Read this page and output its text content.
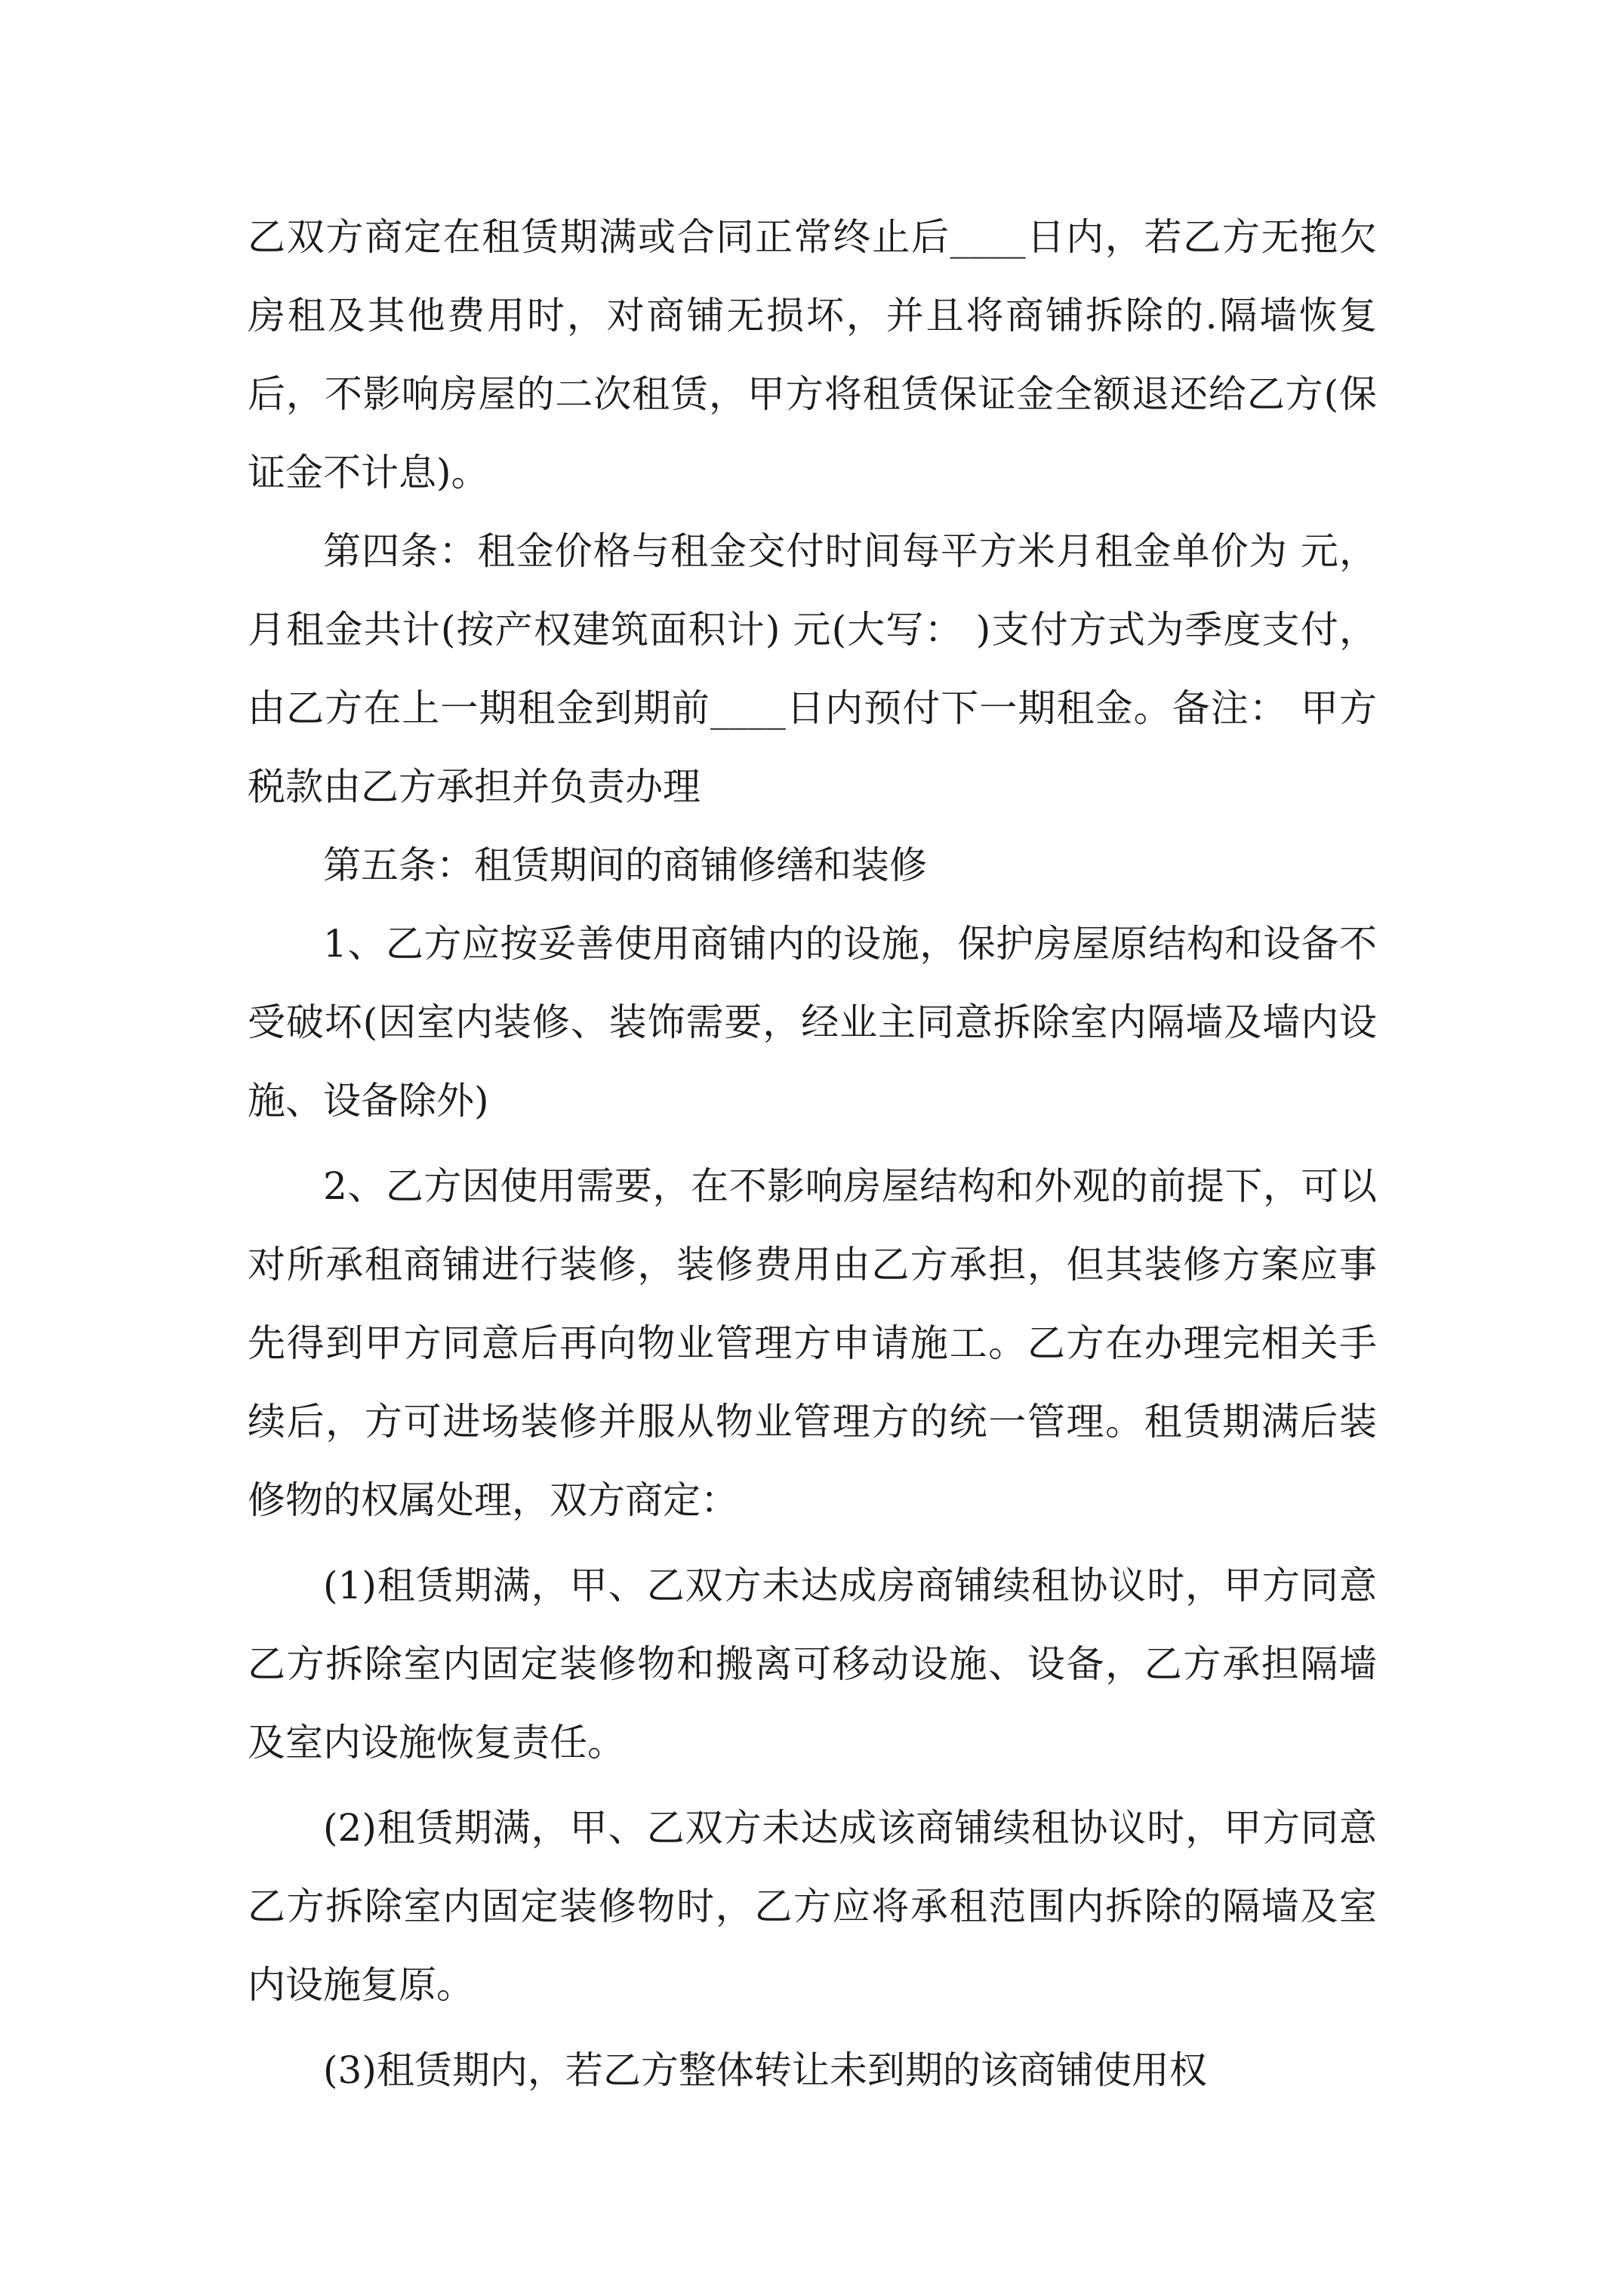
乙双方商定在租赁期满或合同正常终止后____日内，若乙方无拖欠房租及其他费用时，对商铺无损坏，并且将商铺拆除的.隔墙恢复后，不影响房屋的二次租赁，甲方将租赁保证金全额退还给乙方(保证金不计息)。

第四条：租金价格与租金交付时间每平方米月租金单价为 元，月租金共计(按产权建筑面积计) 元(大写： )支付方式为季度支付，由乙方在上一期租金到期前____日内预付下一期租金。备注： 甲方税款由乙方承担并负责办理

第五条：租赁期间的商铺修缮和装修

1、乙方应按妥善使用商铺内的设施，保护房屋原结构和设备不受破坏(因室内装修、装饰需要，经业主同意拆除室内隔墙及墙内设施、设备除外)

2、乙方因使用需要，在不影响房屋结构和外观的前提下，可以对所承租商铺进行装修，装修费用由乙方承担，但其装修方案应事先得到甲方同意后再向物业管理方申请施工。乙方在办理完相关手续后，方可进场装修并服从物业管理方的统一管理。租赁期满后装修物的权属处理，双方商定：

(1)租赁期满，甲、乙双方未达成房商铺续租协议时，甲方同意乙方拆除室内固定装修物和搬离可移动设施、设备，乙方承担隔墙及室内设施恢复责任。

(2)租赁期满，甲、乙双方未达成该商铺续租协议时，甲方同意乙方拆除室内固定装修物时，乙方应将承租范围内拆除的隔墙及室内设施复原。

(3)租赁期内，若乙方整体转让未到期的该商铺使用权
